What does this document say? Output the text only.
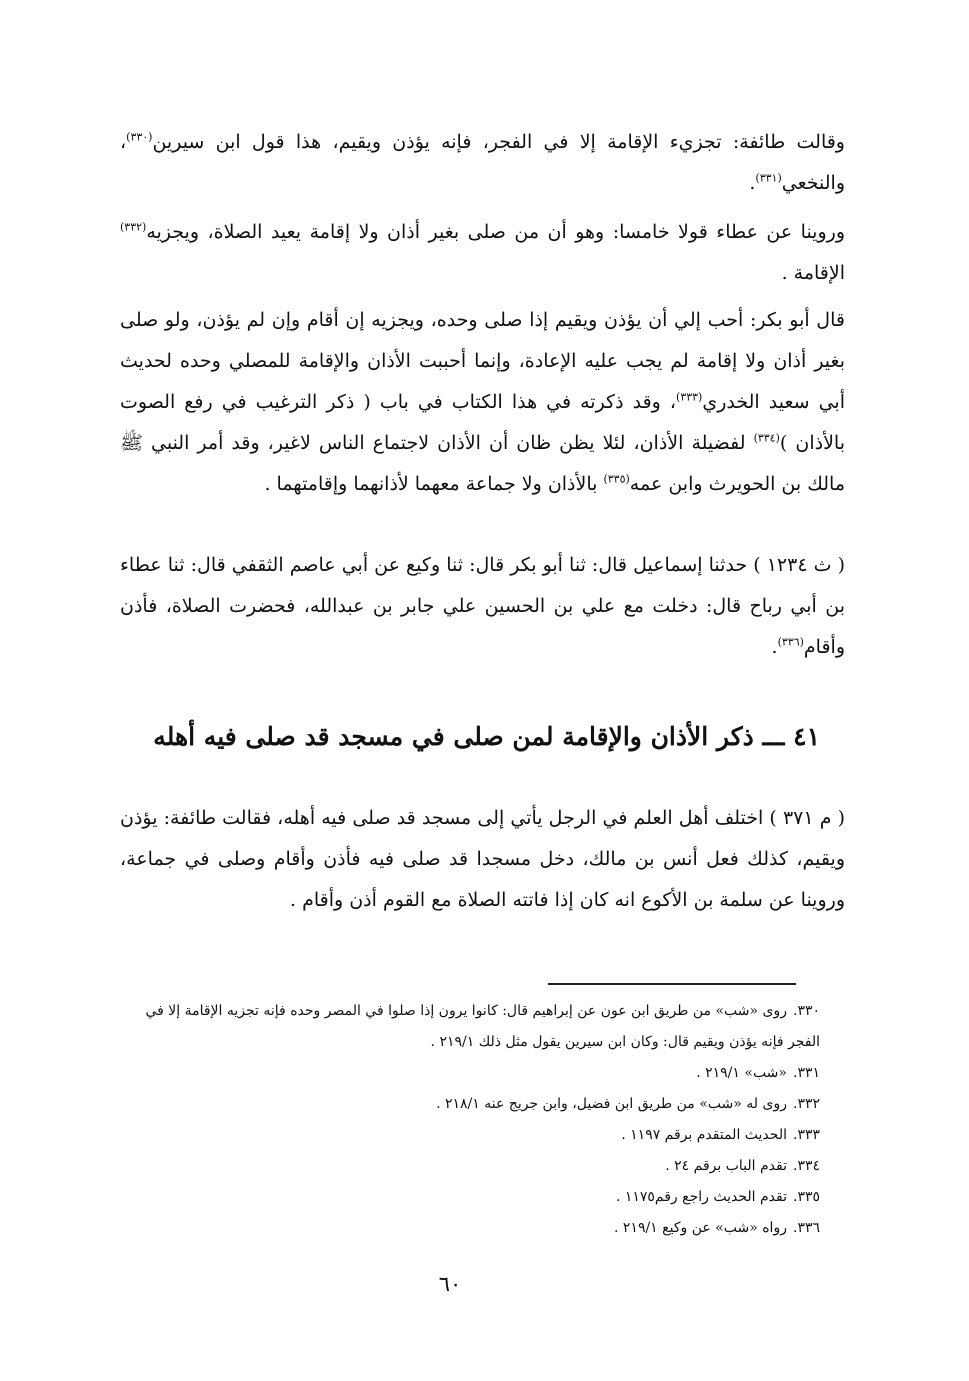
وقالت طائفة: تجزيء الإقامة إلا في الفجر، فإنه يؤذن ويقيم، هذا قول ابن سيرين$^{(٣٣٠)}$، والنخعي$^{(٣٣١)}$.

وروينا عن عطاء قولا خامسا: وهو أن من صلى بغير أذان ولا إقامة يعيد الصلاة، ويجزيه$^{(٣٣٢)}$ الإقامة .

قال أبو بكر: أحب إلي أن يؤذن ويقيم إذا صلى وحده، ويجزيه إن أقام وإن لم يؤذن، ولو صلى بغير أذان ولا إقامة لم يجب عليه الإعادة، وإنما أحببت الأذان والإقامة للمصلي وحده لحديث أبي سعيد الخدري$^{(٣٣٣)}$، وقد ذكرته في هذا الكتاب في باب ( ذكر الترغيب في رفع الصوت بالأذان )$^{(٣٣٤)}$ لفضيلة الأذان، لئلا يظن ظان أن الأذان لاجتماع الناس لاغير، وقد أمر النبي ﷺ مالك بن الحويرث وابن عمه$^{(٣٣٥)}$ بالأذان ولا جماعة معهما لأذانهما وإقامتهما .

( ث ١٢٣٤ ) حدثنا إسماعيل قال: ثنا أبو بكر قال: ثنا وكيع عن أبي عاصم الثقفي قال: ثنا عطاء بن أبي رباح قال: دخلت مع علي بن الحسين علي جابر بن عبدالله، فحضرت الصلاة، فأذن وأقام$^{(٣٣٦)}$.

٤١ ـــ ذكر الأذان والإقامة لمن صلى في مسجد قد صلى فيه أهله

( م ٣٧١ ) اختلف أهل العلم في الرجل يأتي إلى مسجد قد صلى فيه أهله، فقالت طائفة: يؤذن ويقيم، كذلك فعل أنس بن مالك، دخل مسجدا قد صلى فيه فأذن وأقام وصلى في جماعة، وروينا عن سلمة بن الأكوع انه كان إذا فاتته الصلاة مع القوم أذن وأقام .

٣٣٠.روى «شب» من طريق ابن عون عن إبراهيم قال: كانوا يرون إذا صلوا في المصر وحده فإنه تجزيه الإقامة إلا في الفجر فإنه يؤذن ويقيم قال: وكان ابن سيرين يقول مثل ذلك ٢١٩/١ .
٣٣١.«شب» ٢١٩/١ .
٣٣٢.روى له «شب» من طريق ابن فضيل، وابن جريج عنه ٢١٨/١ .
٣٣٣.الحديث المتقدم برقم ١١٩٧ .
٣٣٤.تقدم الباب برقم ٢٤ .
٣٣٥.تقدم الحديث راجع رقم١١٧٥ .
٣٣٦.رواه «شب» عن وكيع ٢١٩/١ .
٦٠
